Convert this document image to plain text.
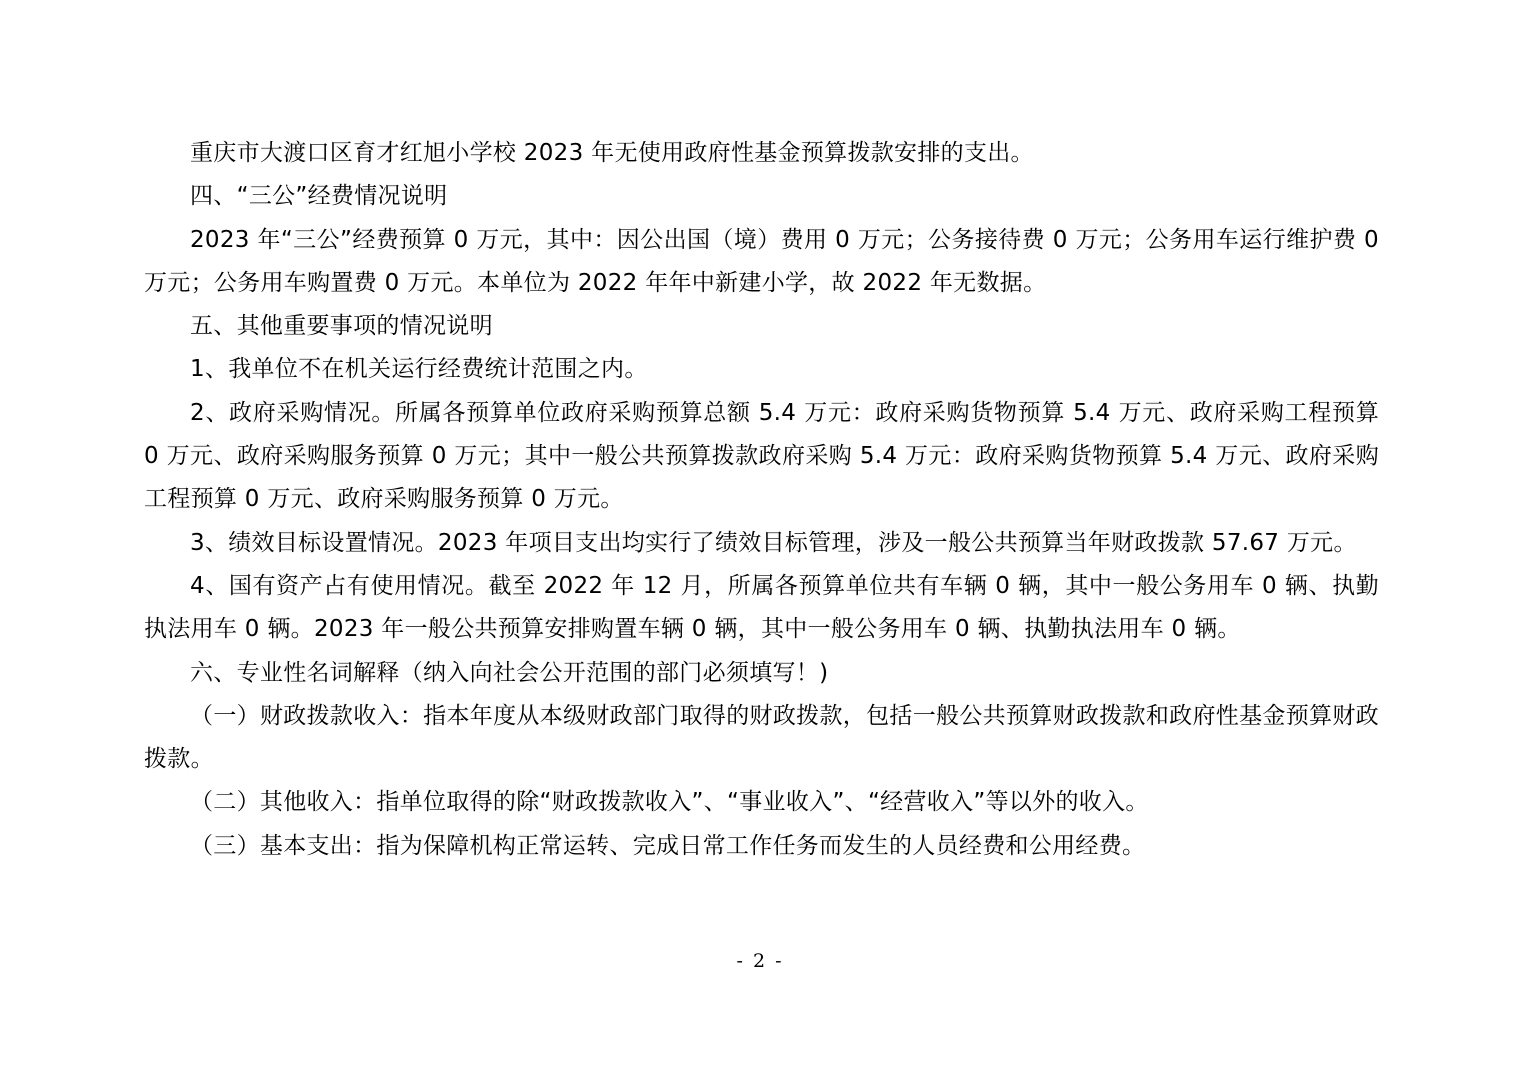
重庆市大渡口区育才红旭小学校 2023 年无使用政府性基金预算拨款安排的支出。

四、“三公”经费情况说明

2023 年“三公”经费预算 0 万元，其中：因公出国（境）费用 0 万元；公务接待费 0 万元；公务用车运行维护费 0 万元；公务用车购置费 0 万元。本单位为 2022 年年中新建小学，故 2022 年无数据。

五、其他重要事项的情况说明

1、我单位不在机关运行经费统计范围之内。

2、政府采购情况。所属各预算单位政府采购预算总额 5.4 万元：政府采购货物预算 5.4 万元、政府采购工程预算 0 万元、政府采购服务预算 0 万元；其中一般公共预算拨款政府采购 5.4 万元：政府采购货物预算 5.4 万元、政府采购工程预算 0 万元、政府采购服务预算 0 万元。

3、绩效目标设置情况。2023 年项目支出均实行了绩效目标管理，涉及一般公共预算当年财政拨款 57.67 万元。

4、国有资产占有使用情况。截至 2022 年 12 月，所属各预算单位共有车辆 0 辆，其中一般公务用车 0 辆、执勤执法用车 0 辆。2023 年一般公共预算安排购置车辆 0 辆，其中一般公务用车 0 辆、执勤执法用车 0 辆。

六、专业性名词解释（纳入向社会公开范围的部门必须填写！)

（一）财政拨款收入：指本年度从本级财政部门取得的财政拨款，包括一般公共预算财政拨款和政府性基金预算财政拨款。

（二）其他收入：指单位取得的除“财政拨款收入”、“事业收入”、“经营收入”等以外的收入。

（三）基本支出：指为保障机构正常运转、完成日常工作任务而发生的人员经费和公用经费。

- 2 -
